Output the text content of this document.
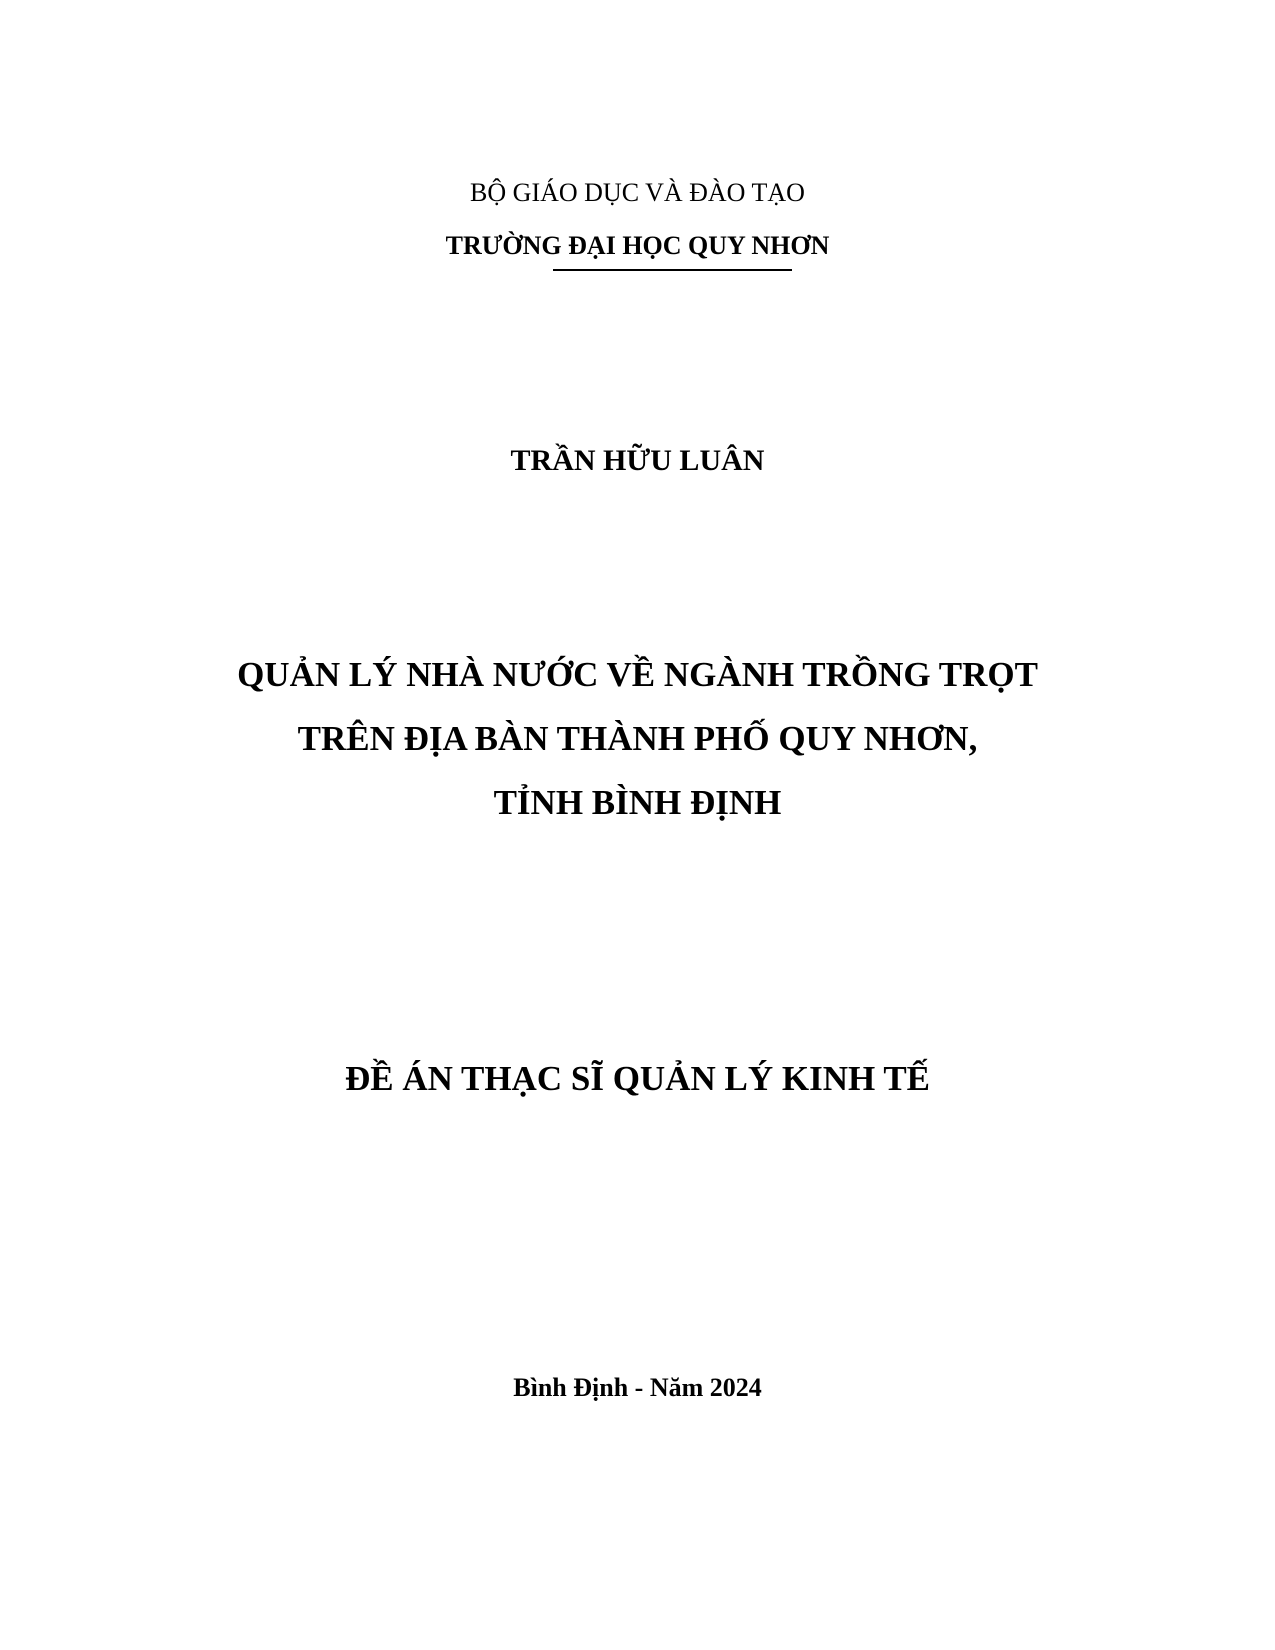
BỘ GIÁO DỤC VÀ ĐÀO TẠO
TRƯỜNG ĐẠI HỌC QUY NHƠN
TRẦN HỮU LUÂN
QUẢN LÝ NHÀ NƯỚC VỀ NGÀNH TRỒNG TRỌT
TRÊN ĐỊA BÀN THÀNH PHỐ QUY NHƠN,
TỈNH BÌNH ĐỊNH
ĐỀ ÁN THẠC SĨ QUẢN LÝ KINH TẾ
Bình Định - Năm 2024
